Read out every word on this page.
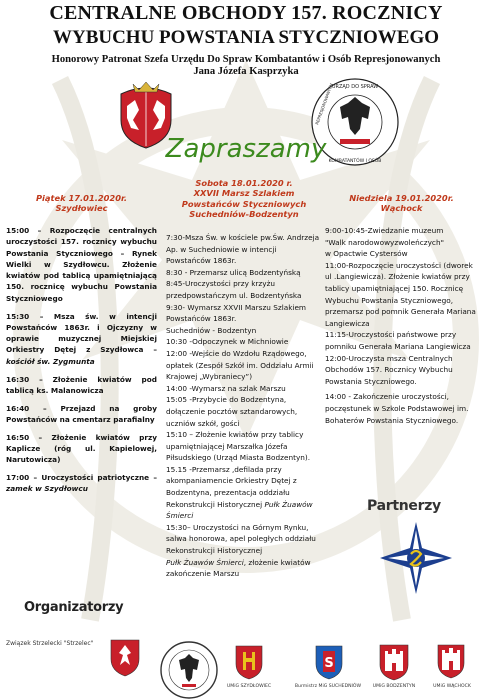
CENTRALNE OBCHODY 157. ROCZNICY
WYBUCHU POWSTANIA STYCZNIOWEGO
Honorowy Patronat Szefa Urzędu Do Spraw Kombatantów i Osób Represjonowanych
Jana Józefa Kasprzyka
URZĄD DO SPRAW
KOMBATANTÓW I OSÓB
REPRESJONOWANYCH
Zapraszamy
Piątek 17.01.2020r.
Szydłowiec
Sobota 18.01.2020 r.
XXVII Marsz Szlakiem
Powstańców Styczniowych
Suchedniów-Bodzentyn
Niedziela 19.01.2020r.
Wąchock

15:00 – Rozpoczęcie centralnych uroczystości 157. rocznicy wybuchu Powstania Styczniowego – Rynek Wielki w Szydłowcu. Złożenie kwiatów pod tablicą upamiętniającą 150. rocznicę wybuchu Powstania Styczniowego

15:30 – Msza św. w intencji Powstańców 1863r. i Ojczyzny w oprawie muzycznej Miejskiej Orkiestry Dętej z Szydłowca – kościół św. Zygmunta

16:30 – Złożenie kwiatów pod tablicą ks. Malanowicza

16:40 – Przejazd na groby Powstańców na cmentarz parafialny

16:50 – Złożenie kwiatów przy Kaplicze (róg ul. Kapielowej, Narutowicza)

17:00 – Uroczystości patriotyczne – zamek w Szydłowcu

7:30-Msza Św. w kościele pw.Św. Andrzeja Ap. w Suchedniowie w intencji Powstańców 1863r.

8:30 - Przemarsz ulicą Bodzentyńską

8:45-Uroczystości przy krzyżu przedpowstańczym ul. Bodzentyńska

9:30- Wymarsz XXVII Marszu Szlakiem Powstańców 1863r.

Suchedniów - Bodzentyn

10:30 -Odpoczynek w Michniowie

12:00 -Wejście do Wzdołu Rządowego, opłatek (Zespół Szkół im. Oddziału Armii Krajowej „Wybraniecy”)

14:00 -Wymarsz na szlak Marszu

15:05 -Przybycie do Bodzentyna, dołączenie pocztów sztandarowych, uczniów szkół, gości

15:10 – Złożenie kwiatów przy tablicy upamiętniającej Marszałka Józefa Piłsudskiego (Urząd Miasta Bodzentyn).

15.15 -Przemarsz ,defilada przy akompaniamencie Orkiestry Dętej z Bodzentyna, prezentacja oddziału Rekonstrukcji Historycznej Pułk Żuawów Śmierci

15:30– Uroczystości na Górnym Rynku, salwa honorowa, apel poległych oddziału Rekonstrukcji Historycznej

Pułk Żuawów Śmierci, złożenie kwiatów zakończenie Marszu

9:00-10:45-Zwiedzanie muzeum

"Walk narodowowyzwoleńczych"

w Opactwie Cystersów

11:00-Rozpoczęcie uroczystości (dworek ul .Langiewicza). Złożenie kwiatów przy tablicy upamiętniającej 150. Rocznicę Wybuchu Powstania Styczniowego, przemarsz pod pomnik Generała Mariana Langiewicza

11:15-Uroczystości państwowe przy pomniku Generała Mariana Langiewicza

12:00-Uroczysta msza Centralnych Obchodów 157. Rocznicy Wybuchu Powstania Styczniowego.

14:00 - Zakończenie uroczystości, poczęstunek w Szkole Podstawowej im. Bohaterów Powstania Styczniowego.

Partnerzy
Organizatorzy
Związek Strzelecki "Strzelec"
UMiG SZYDŁOWIEC
S
Burmistrz MiG SUCHEDNIÓW	UMiG BODZENTYN	UMiG WĄCHOCK
